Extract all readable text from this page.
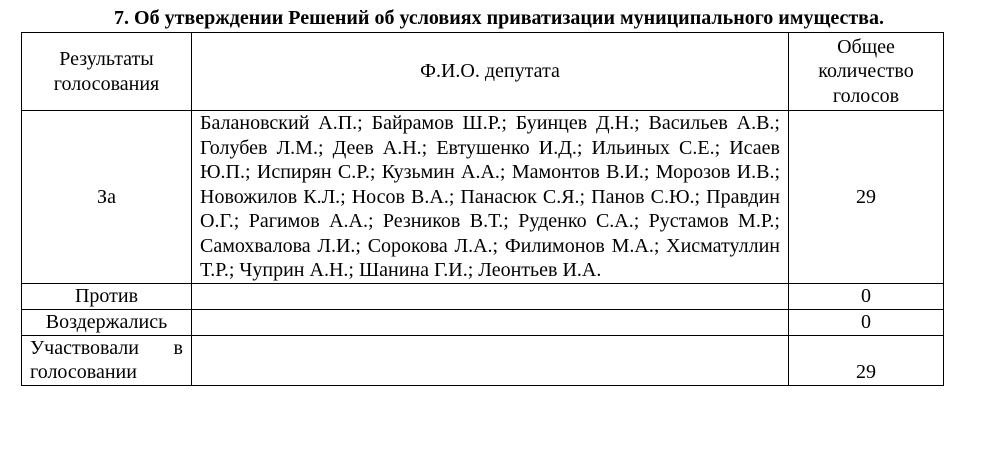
7. Об утверждении Решений об условиях приватизации муниципального имущества.
Результаты голосования	Ф.И.О. депутата	Общее количество голосов
За	Балановский А.П.; Байрамов Ш.Р.; Буинцев Д.Н.; Васильев А.В.; Голубев Л.М.; Деев А.Н.; Евтушенко И.Д.; Ильиных С.Е.; Исаев Ю.П.; Испирян С.Р.; Кузьмин А.А.; Мамонтов В.И.; Морозов И.В.; Новожилов К.Л.; Носов В.А.; Панасюк С.Я.; Панов С.Ю.; Правдин О.Г.; Рагимов А.А.; Резников В.Т.; Руденко С.А.; Рустамов М.Р.; Самохвалова Л.И.; Сорокова Л.А.; Филимонов М.А.; Хисматуллин Т.Р.; Чуприн А.Н.; Шанина Г.И.; Леонтьев И.А.	29
Против		0
Воздержались		0
Участвовали в голосовании		29
